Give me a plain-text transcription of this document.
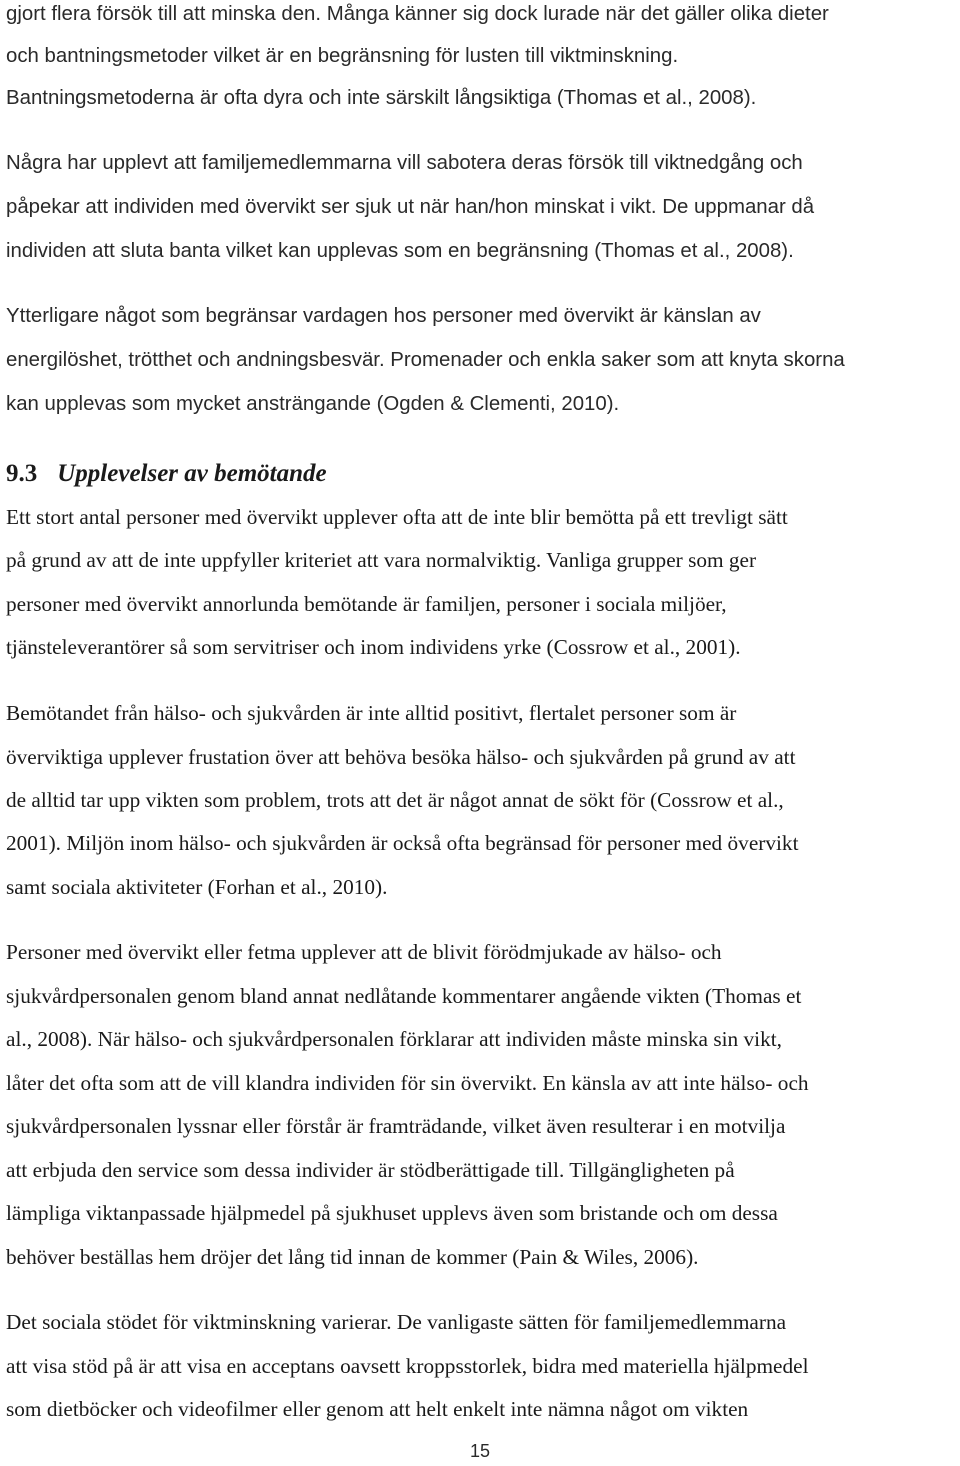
gjort flera försök till att minska den. Många känner sig dock lurade när det gäller olika dieter
och bantningsmetoder vilket är en begränsning för lusten till viktminskning.
Bantningsmetoderna är ofta dyra och inte särskilt långsiktiga (Thomas et al., 2008).
Några har upplevt att familjemedlemmarna vill sabotera deras försök till viktnedgång och
påpekar att individen med övervikt ser sjuk ut när han/hon minskat i vikt. De uppmanar då
individen att sluta banta vilket kan upplevas som en begränsning (Thomas et al., 2008).
Ytterligare något som begränsar vardagen hos personer med övervikt är känslan av
energilöshet, trötthet och andningsbesvär. Promenader och enkla saker som att knyta skorna
kan upplevas som mycket ansträngande (Ogden & Clementi, 2010).
9.3 Upplevelser av bemötande
Ett stort antal personer med övervikt upplever ofta att de inte blir bemötta på ett trevligt sätt
på grund av att de inte uppfyller kriteriet att vara normalviktig. Vanliga grupper som ger
personer med övervikt annorlunda bemötande är familjen, personer i sociala miljöer,
tjänsteleverantörer så som servitriser och inom individens yrke (Cossrow et al., 2001).
Bemötandet från hälso- och sjukvården är inte alltid positivt, flertalet personer som är
överviktiga upplever frustation över att behöva besöka hälso- och sjukvården på grund av att
de alltid tar upp vikten som problem, trots att det är något annat de sökt för (Cossrow et al.,
2001). Miljön inom hälso- och sjukvården är också ofta begränsad för personer med övervikt
samt sociala aktiviteter (Forhan et al., 2010).
Personer med övervikt eller fetma upplever att de blivit förödmjukade av hälso- och
sjukvårdpersonalen genom bland annat nedlåtande kommentarer angående vikten (Thomas et
al., 2008). När hälso- och sjukvårdpersonalen förklarar att individen måste minska sin vikt,
låter det ofta som att de vill klandra individen för sin övervikt. En känsla av att inte hälso- och
sjukvårdpersonalen lyssnar eller förstår är framträdande, vilket även resulterar i en motvilja
att erbjuda den service som dessa individer är stödberättigade till. Tillgängligheten på
lämpliga viktanpassade hjälpmedel på sjukhuset upplevs även som bristande och om dessa
behöver beställas hem dröjer det lång tid innan de kommer (Pain & Wiles, 2006).
Det sociala stödet för viktminskning varierar. De vanligaste sätten för familjemedlemmarna
att visa stöd på är att visa en acceptans oavsett kroppsstorlek, bidra med materiella hjälpmedel
som dietböcker och videofilmer eller genom att helt enkelt inte nämna något om vikten
15
